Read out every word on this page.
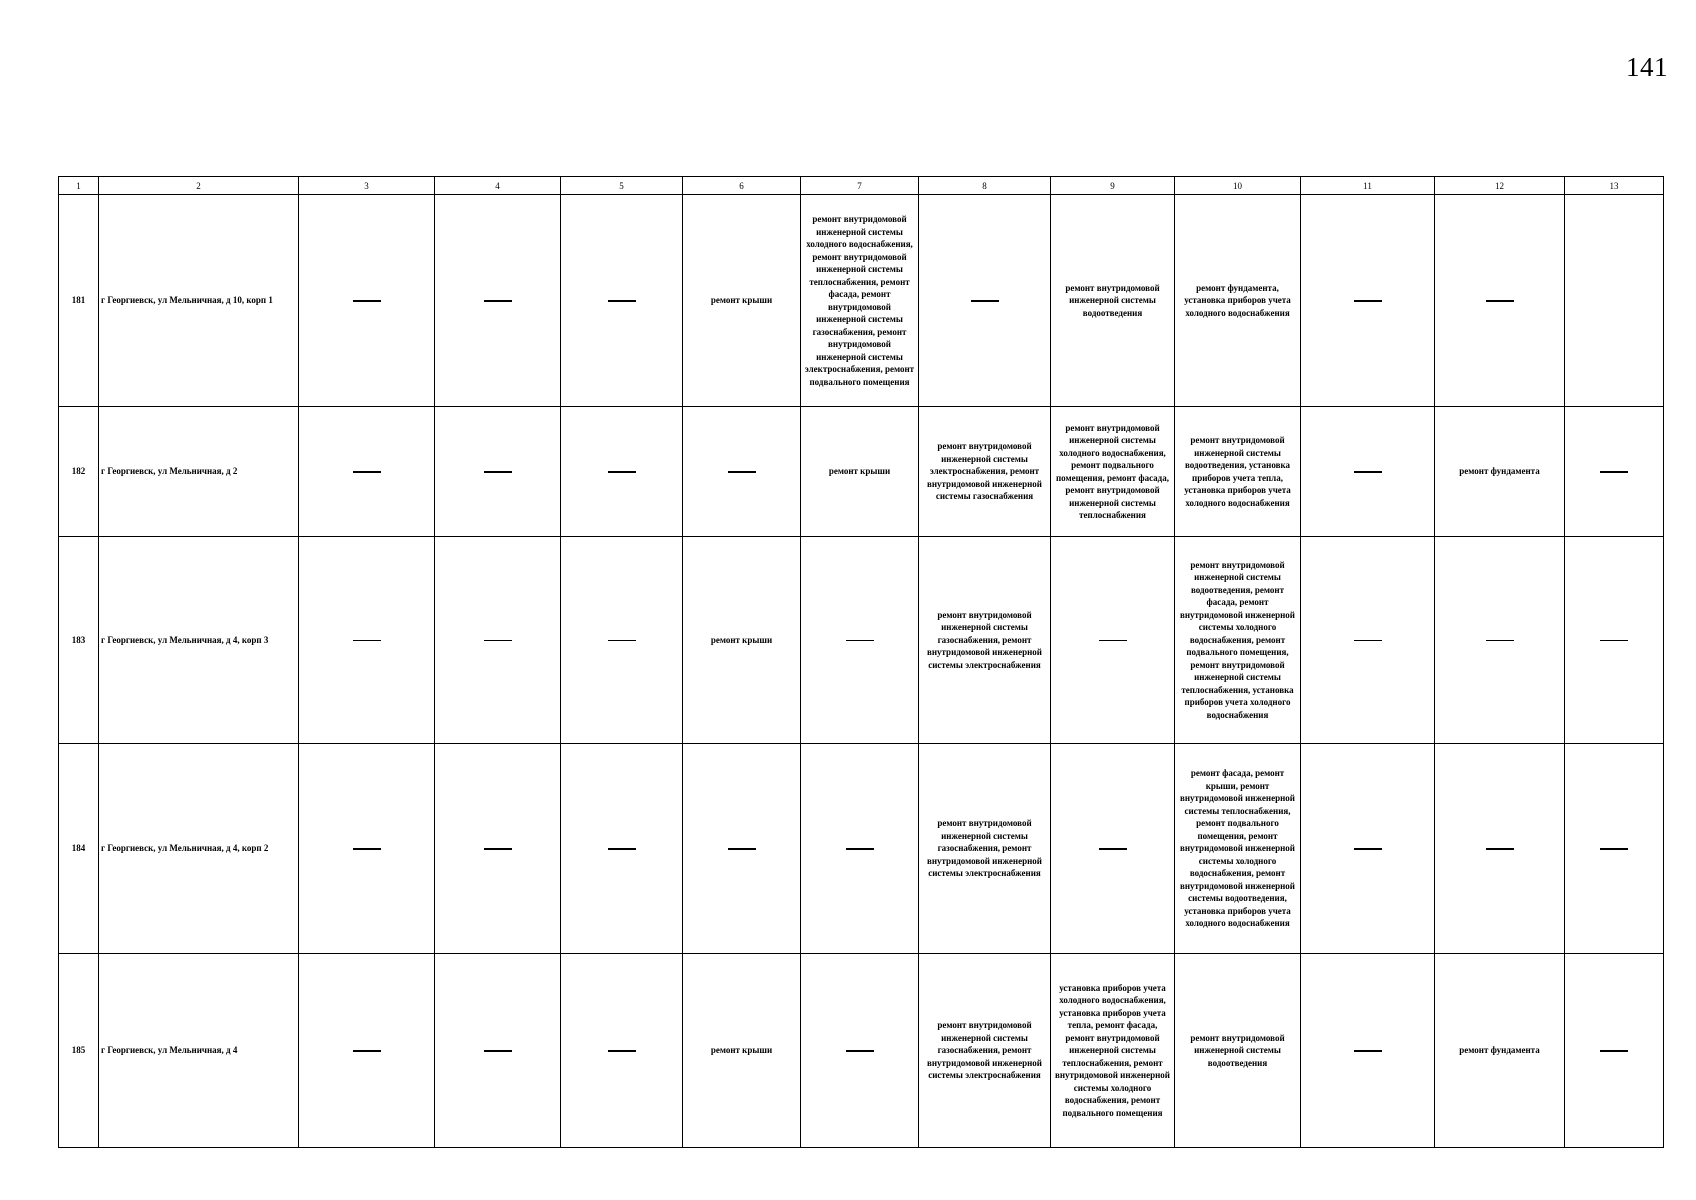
141
1	2	3	4	5	6	7	8	9	10	11	12	13
181	г Георгиевск, ул Мельничная, д 10, корп 1				ремонт крыши	ремонт внутридомовой инженерной системы холодного водоснабжения, ремонт внутридомовой инженерной системы теплоснабжения, ремонт фасада, ремонт внутридомовой инженерной системы газоснабжения, ремонт внутридомовой инженерной системы электроснабжения, ремонт подвального помещения		ремонт внутридомовой инженерной системы водоотведения	ремонт фундамента, установка приборов учета холодного водоснабжения			
182	г Георгиевск, ул Мельничная, д 2					ремонт крыши	ремонт внутридомовой инженерной системы электроснабжения, ремонт внутридомовой инженерной системы газоснабжения	ремонт внутридомовой инженерной системы холодного водоснабжения, ремонт подвального помещения, ремонт фасада, ремонт внутридомовой инженерной системы теплоснабжения	ремонт внутридомовой инженерной системы водоотведения, установка приборов учета тепла, установка приборов учета холодного водоснабжения		ремонт фундамента	
183	г Георгиевск, ул Мельничная, д 4, корп 3				ремонт крыши		ремонт внутридомовой инженерной системы газоснабжения, ремонт внутридомовой инженерной системы электроснабжения		ремонт внутридомовой инженерной системы водоотведения, ремонт фасада, ремонт внутридомовой инженерной системы холодного водоснабжения, ремонт подвального помещения, ремонт внутридомовой инженерной системы теплоснабжения, установка приборов учета холодного водоснабжения			
184	г Георгиевск, ул Мельничная, д 4, корп 2						ремонт внутридомовой инженерной системы газоснабжения, ремонт внутридомовой инженерной системы электроснабжения		ремонт фасада, ремонт крыши, ремонт внутридомовой инженерной системы теплоснабжения, ремонт подвального помещения, ремонт внутридомовой инженерной системы холодного водоснабжения, ремонт внутридомовой инженерной системы водоотведения, установка приборов учета холодного водоснабжения			
185	г Георгиевск, ул Мельничная, д 4				ремонт крыши		ремонт внутридомовой инженерной системы газоснабжения, ремонт внутридомовой инженерной системы электроснабжения	установка приборов учета холодного водоснабжения, установка приборов учета тепла, ремонт фасада, ремонт внутридомовой инженерной системы теплоснабжения, ремонт внутридомовой инженерной системы холодного водоснабжения, ремонт подвального помещения	ремонт внутридомовой инженерной системы водоотведения		ремонт фундамента	
